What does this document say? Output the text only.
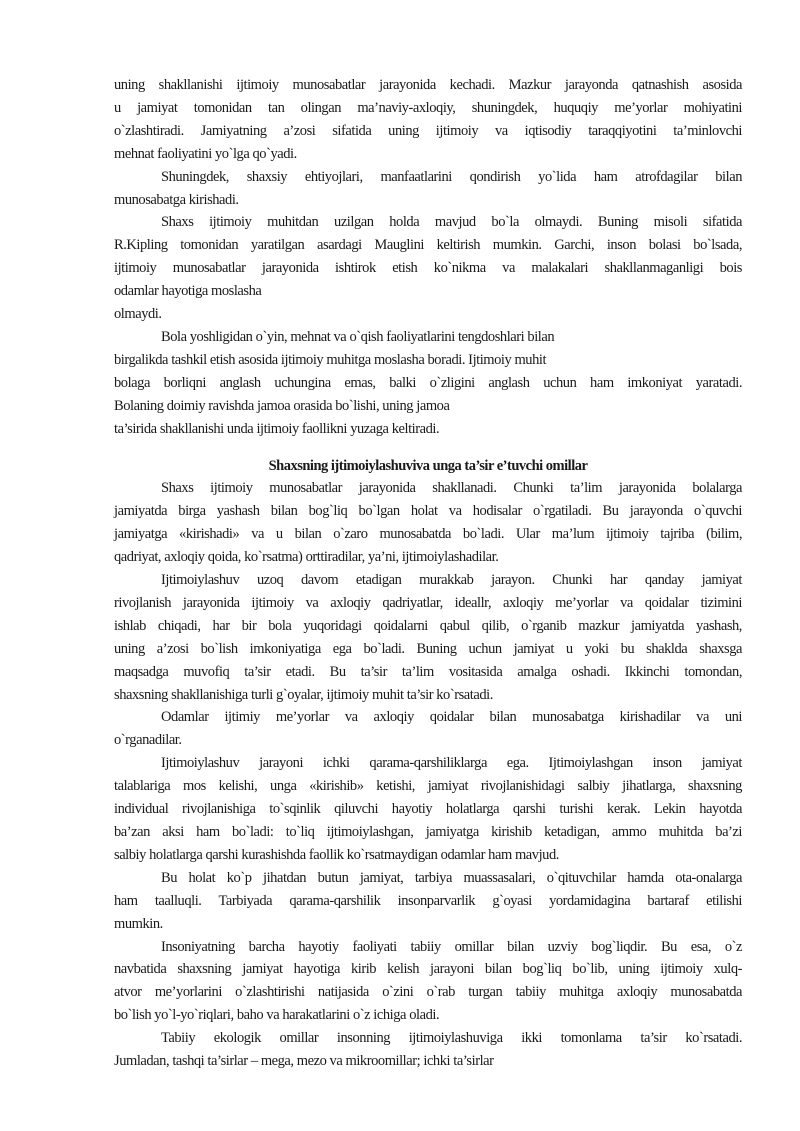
uning shakllanishi ijtimoiy munosabatlar jarayonida kechadi. Mazkur jarayonda qatnashish asosida

u jamiyat tomonidan tan olingan ma’naviy-axloqiy, shuningdek, huquqiy me’yorlar mohiyatini

o`zlashtiradi. Jamiyatning a’zosi sifatida uning ijtimoiy va iqtisodiy taraqqiyotini ta’minlovchi

mehnat faoliyatini yo`lga qo`yadi.

Shuningdek, shaxsiy ehtiyojlari, manfaatlarini qondirish yo`lida ham atrofdagilar bilan

munosabatga kirishadi.

Shaxs ijtimoiy muhitdan uzilgan holda mavjud bo`la olmaydi. Buning misoli sifatida

R.Kipling tomonidan yaratilgan asardagi Mauglini keltirish mumkin. Garchi, inson bolasi bo`lsada,

ijtimoiy munosabatlar jarayonida ishtirok etish ko`nikma va malakalari shakllanmaganligi bois

odamlar hayotiga moslasha

olmaydi.

Bola yoshligidan o`yin, mehnat va o`qish faoliyatlarini tengdoshlari bilan

birgalikda tashkil etish asosida ijtimoiy muhitga moslasha boradi. Ijtimoiy muhit

bolaga borliqni anglash uchungina emas, balki o`zligini anglash uchun ham imkoniyat yaratadi.

Bolaning doimiy ravishda jamoa orasida bo`lishi, uning jamoa

ta’sirida shakllanishi unda ijtimoiy faollikni yuzaga keltiradi.

Shaxsning ijtimoiylashuviva unga ta’sir e’tuvchi omillar

Shaxs ijtimoiy munosabatlar jarayonida shakllanadi. Chunki ta’lim jarayonida bolalarga

jamiyatda birga yashash bilan bog`liq bo`lgan holat va hodisalar o`rgatiladi. Bu jarayonda o`quvchi

jamiyatga «kirishadi» va u bilan o`zaro munosabatda bo`ladi. Ular ma’lum ijtimoiy tajriba (bilim,

qadriyat, axloqiy qoida, ko`rsatma) orttiradilar, ya’ni, ijtimoiylashadilar.

Ijtimoiylashuv uzoq davom etadigan murakkab jarayon. Chunki har qanday jamiyat

rivojlanish jarayonida ijtimoiy va axloqiy qadriyatlar, ideallr, axloqiy me’yorlar va qoidalar tizimini

ishlab chiqadi, har bir bola yuqoridagi qoidalarni qabul qilib, o`rganib mazkur jamiyatda yashash,

uning a’zosi bo`lish imkoniyatiga ega bo`ladi. Buning uchun jamiyat u yoki bu shaklda shaxsga

maqsadga muvofiq ta’sir etadi. Bu ta’sir ta’lim vositasida amalga oshadi. Ikkinchi tomondan,

shaxsning shakllanishiga turli g`oyalar, ijtimoiy muhit ta’sir ko`rsatadi.

Odamlar ijtimiy me’yorlar va axloqiy qoidalar bilan munosabatga kirishadilar va uni

o`rganadilar.

Ijtimoiylashuv jarayoni ichki qarama-qarshiliklarga ega. Ijtimoiylashgan inson jamiyat

talablariga mos kelishi, unga «kirishib» ketishi, jamiyat rivojlanishidagi salbiy jihatlarga, shaxsning

individual rivojlanishiga to`sqinlik qiluvchi hayotiy holatlarga qarshi turishi kerak. Lekin hayotda

ba’zan aksi ham bo`ladi: to`liq ijtimoiylashgan, jamiyatga kirishib ketadigan, ammo muhitda ba’zi

salbiy holatlarga qarshi kurashishda faollik ko`rsatmaydigan odamlar ham mavjud.

Bu holat ko`p jihatdan butun jamiyat, tarbiya muassasalari, o`qituvchilar hamda ota-onalarga

ham taalluqli. Tarbiyada qarama-qarshilik insonparvarlik g`oyasi yordamidagina bartaraf etilishi

mumkin.

Insoniyatning barcha hayotiy faoliyati tabiiy omillar bilan uzviy bog`liqdir. Bu esa, o`z

navbatida shaxsning jamiyat hayotiga kirib kelish jarayoni bilan bog`liq bo`lib, uning ijtimoiy xulq-

atvor me’yorlarini o`zlashtirishi natijasida o`zini o`rab turgan tabiiy muhitga axloqiy munosabatda

bo`lish yo`l-yo`riqlari, baho va harakatlarini o`z ichiga oladi.

Tabiiy ekologik omillar insonning ijtimoiylashuviga ikki tomonlama ta’sir ko`rsatadi.

Jumladan, tashqi ta’sirlar – mega, mezo va mikroomillar; ichki ta’sirlar
